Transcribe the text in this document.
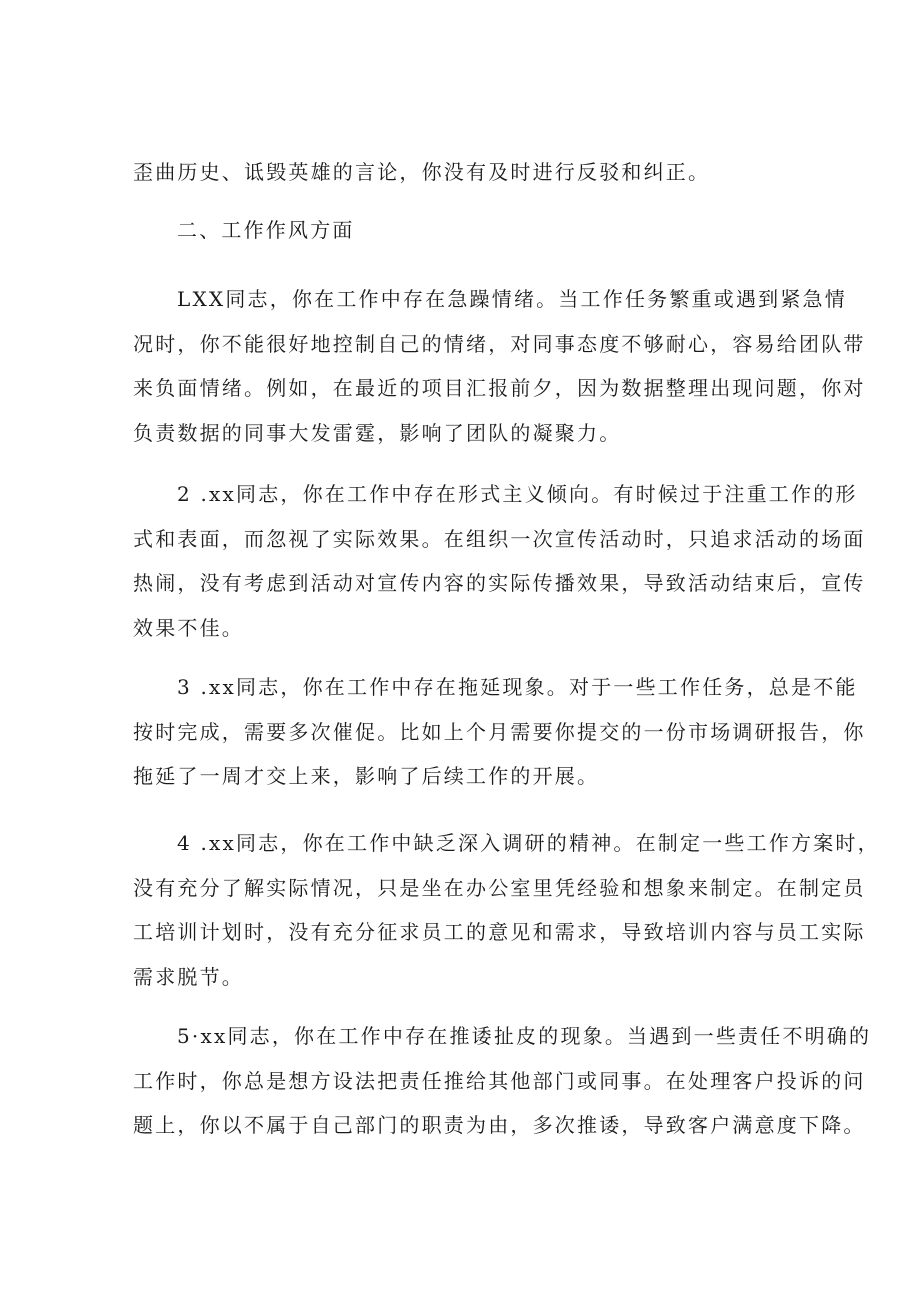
歪曲历史、诋毁英雄的言论，你没有及时进行反驳和纠正。
二、工作作风方面
LXX同志，你在工作中存在急躁情绪。当工作任务繁重或遇到紧急情
况时，你不能很好地控制自己的情绪，对同事态度不够耐心，容易给团队带
来负面情绪。例如，在最近的项目汇报前夕，因为数据整理出现问题，你对
负责数据的同事大发雷霆，影响了团队的凝聚力。
2 .xx同志，你在工作中存在形式主义倾向。有时候过于注重工作的形
式和表面，而忽视了实际效果。在组织一次宣传活动时，只追求活动的场面
热闹，没有考虑到活动对宣传内容的实际传播效果，导致活动结束后，宣传
效果不佳。
3 .xx同志，你在工作中存在拖延现象。对于一些工作任务，总是不能
按时完成，需要多次催促。比如上个月需要你提交的一份市场调研报告，你
拖延了一周才交上来，影响了后续工作的开展。
4 .xx同志，你在工作中缺乏深入调研的精神。在制定一些工作方案时，
没有充分了解实际情况，只是坐在办公室里凭经验和想象来制定。在制定员
工培训计划时，没有充分征求员工的意见和需求，导致培训内容与员工实际
需求脱节。
5·xx同志，你在工作中存在推诿扯皮的现象。当遇到一些责任不明确的
工作时，你总是想方设法把责任推给其他部门或同事。在处理客户投诉的问
题上，你以不属于自己部门的职责为由，多次推诿，导致客户满意度下降。
